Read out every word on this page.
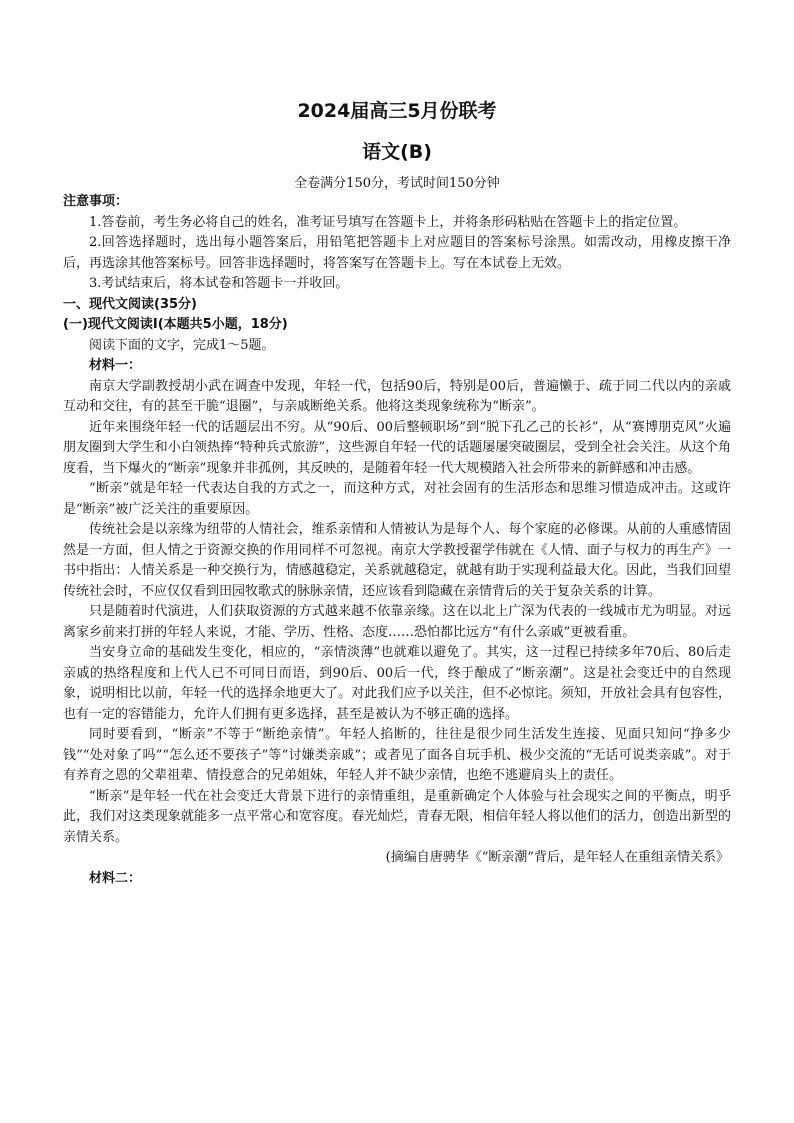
2024届高三5月份联考
语文(B)
全卷满分150分，考试时间150分钟

注意事项：

1.答卷前，考生务必将自己的姓名，准考证号填写在答题卡上，并将条形码粘贴在答题卡上的指定位置。

2.回答选择题时，选出每小题答案后，用铅笔把答题卡上对应题目的答案标号涂黑。如需改动，用橡皮擦干净后，再选涂其他答案标号。回答非选择题时，将答案写在答题卡上。写在本试卷上无效。

3.考试结束后，将本试卷和答题卡一并收回。

一、现代文阅读(35分)

(一)现代文阅读Ⅰ(本题共5小题，18分)

阅读下面的文字，完成1～5题。

材料一：

南京大学副教授胡小武在调查中发现，年轻一代，包括90后，特别是00后，普遍懒于、疏于同二代以内的亲戚互动和交往，有的甚至干脆“退圈”，与亲戚断绝关系。他将这类现象统称为“断亲”。

近年来围绕年轻一代的话题层出不穷。从“90后、00后整顿职场”到“脱下孔乙己的长衫”，从“赛博朋克风”火遍朋友圈到大学生和小白领热捧“特种兵式旅游”，这些源自年轻一代的话题屡屡突破圈层，受到全社会关注。从这个角度看，当下爆火的“断亲”现象并非孤例，其反映的，是随着年轻一代大规模踏入社会所带来的新鲜感和冲击感。

“断亲”就是年轻一代表达自我的方式之一，而这种方式，对社会固有的生活形态和思维习惯造成冲击。这或许是“断亲”被广泛关注的重要原因。

传统社会是以亲缘为纽带的人情社会，维系亲情和人情被认为是每个人、每个家庭的必修课。从前的人重感情固然是一方面，但人情之于资源交换的作用同样不可忽视。南京大学教授翟学伟就在《人情、面子与权力的再生产》一书中指出：人情关系是一种交换行为，情感越稳定，关系就越稳定，就越有助于实现利益最大化。因此，当我们回望传统社会时，不应仅仅看到田园牧歌式的脉脉亲情，还应该看到隐藏在亲情背后的关于复杂关系的计算。

只是随着时代演进，人们获取资源的方式越来越不依靠亲缘。这在以北上广深为代表的一线城市尤为明显。对远离家乡前来打拼的年轻人来说，才能、学历、性格、态度……恐怕都比远方“有什么亲戚”更被看重。

当安身立命的基础发生变化，相应的，“亲情淡薄”也就难以避免了。其实，这一过程已持续多年70后、80后走亲戚的热络程度和上代人已不可同日而语，到90后、00后一代，终于酿成了“断亲潮”。这是社会变迁中的自然现象，说明相比以前，年轻一代的选择余地更大了。对此我们应予以关注，但不必惊诧。须知，开放社会具有包容性，也有一定的容错能力，允许人们拥有更多选择，甚至是被认为不够正确的选择。

同时要看到，“断亲”不等于“断绝亲情”。年轻人掐断的，往往是很少同生活发生连接、见面只知问“挣多少钱”“处对象了吗”“怎么还不要孩子”等“讨嫌类亲戚”；或者见了面各自玩手机、极少交流的“无话可说类亲戚”。对于有养育之恩的父辈祖辈、情投意合的兄弟姐妹，年轻人并不缺少亲情，也绝不逃避肩头上的责任。

“断亲”是年轻一代在社会变迁大背景下进行的亲情重组，是重新确定个人体验与社会现实之间的平衡点，明乎此，我们对这类现象就能多一点平常心和宽容度。春光灿烂，青春无限，相信年轻人将以他们的活力，创造出新型的亲情关系。

(摘编自唐骋华《“断亲潮”背后，是年轻人在重组亲情关系》

材料二：
